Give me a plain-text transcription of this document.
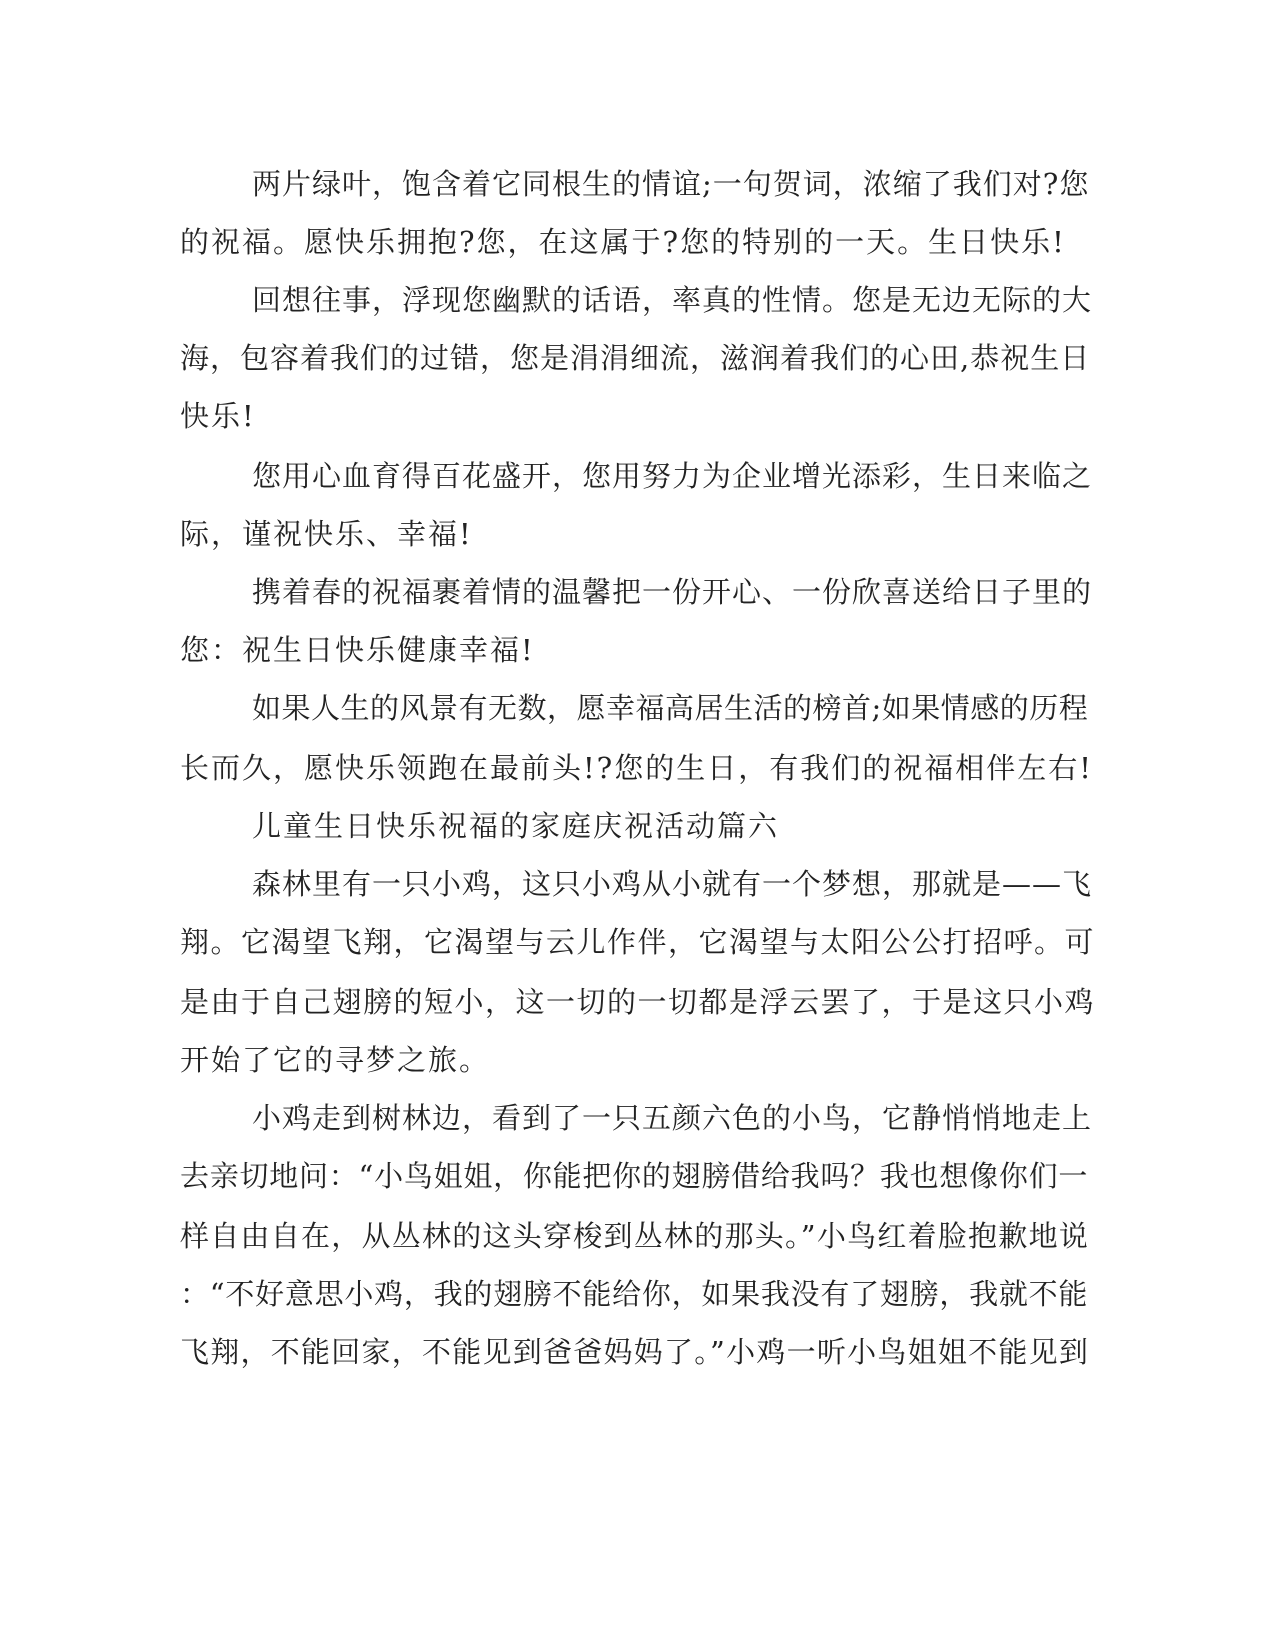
两片绿叶，饱含着它同根生的情谊;一句贺词，浓缩了我们对?您
的祝福。愿快乐拥抱?您，在这属于?您的特别的一天。生日快乐!
回想往事，浮现您幽默的话语，率真的性情。您是无边无际的大
海，包容着我们的过错，您是涓涓细流，滋润着我们的心田,恭祝生日
快乐!
您用心血育得百花盛开，您用努力为企业增光添彩，生日来临之
际，谨祝快乐、幸福!
携着春的祝福裹着情的温馨把一份开心、一份欣喜送给日子里的
您：祝生日快乐健康幸福!
如果人生的风景有无数，愿幸福高居生活的榜首;如果情感的历程
长而久，愿快乐领跑在最前头!?您的生日，有我们的祝福相伴左右!
儿童生日快乐祝福的家庭庆祝活动篇六
森林里有一只小鸡，这只小鸡从小就有一个梦想，那就是——飞
翔。它渴望飞翔，它渴望与云儿作伴，它渴望与太阳公公打招呼。可
是由于自己翅膀的短小，这一切的一切都是浮云罢了，于是这只小鸡
开始了它的寻梦之旅。
小鸡走到树林边，看到了一只五颜六色的小鸟，它静悄悄地走上
去亲切地问：“小鸟姐姐，你能把你的翅膀借给我吗？我也想像你们一
样自由自在，从丛林的这头穿梭到丛林的那头。”小鸟红着脸抱歉地说
：“不好意思小鸡，我的翅膀不能给你，如果我没有了翅膀，我就不能
飞翔，不能回家，不能见到爸爸妈妈了。”小鸡一听小鸟姐姐不能见到
